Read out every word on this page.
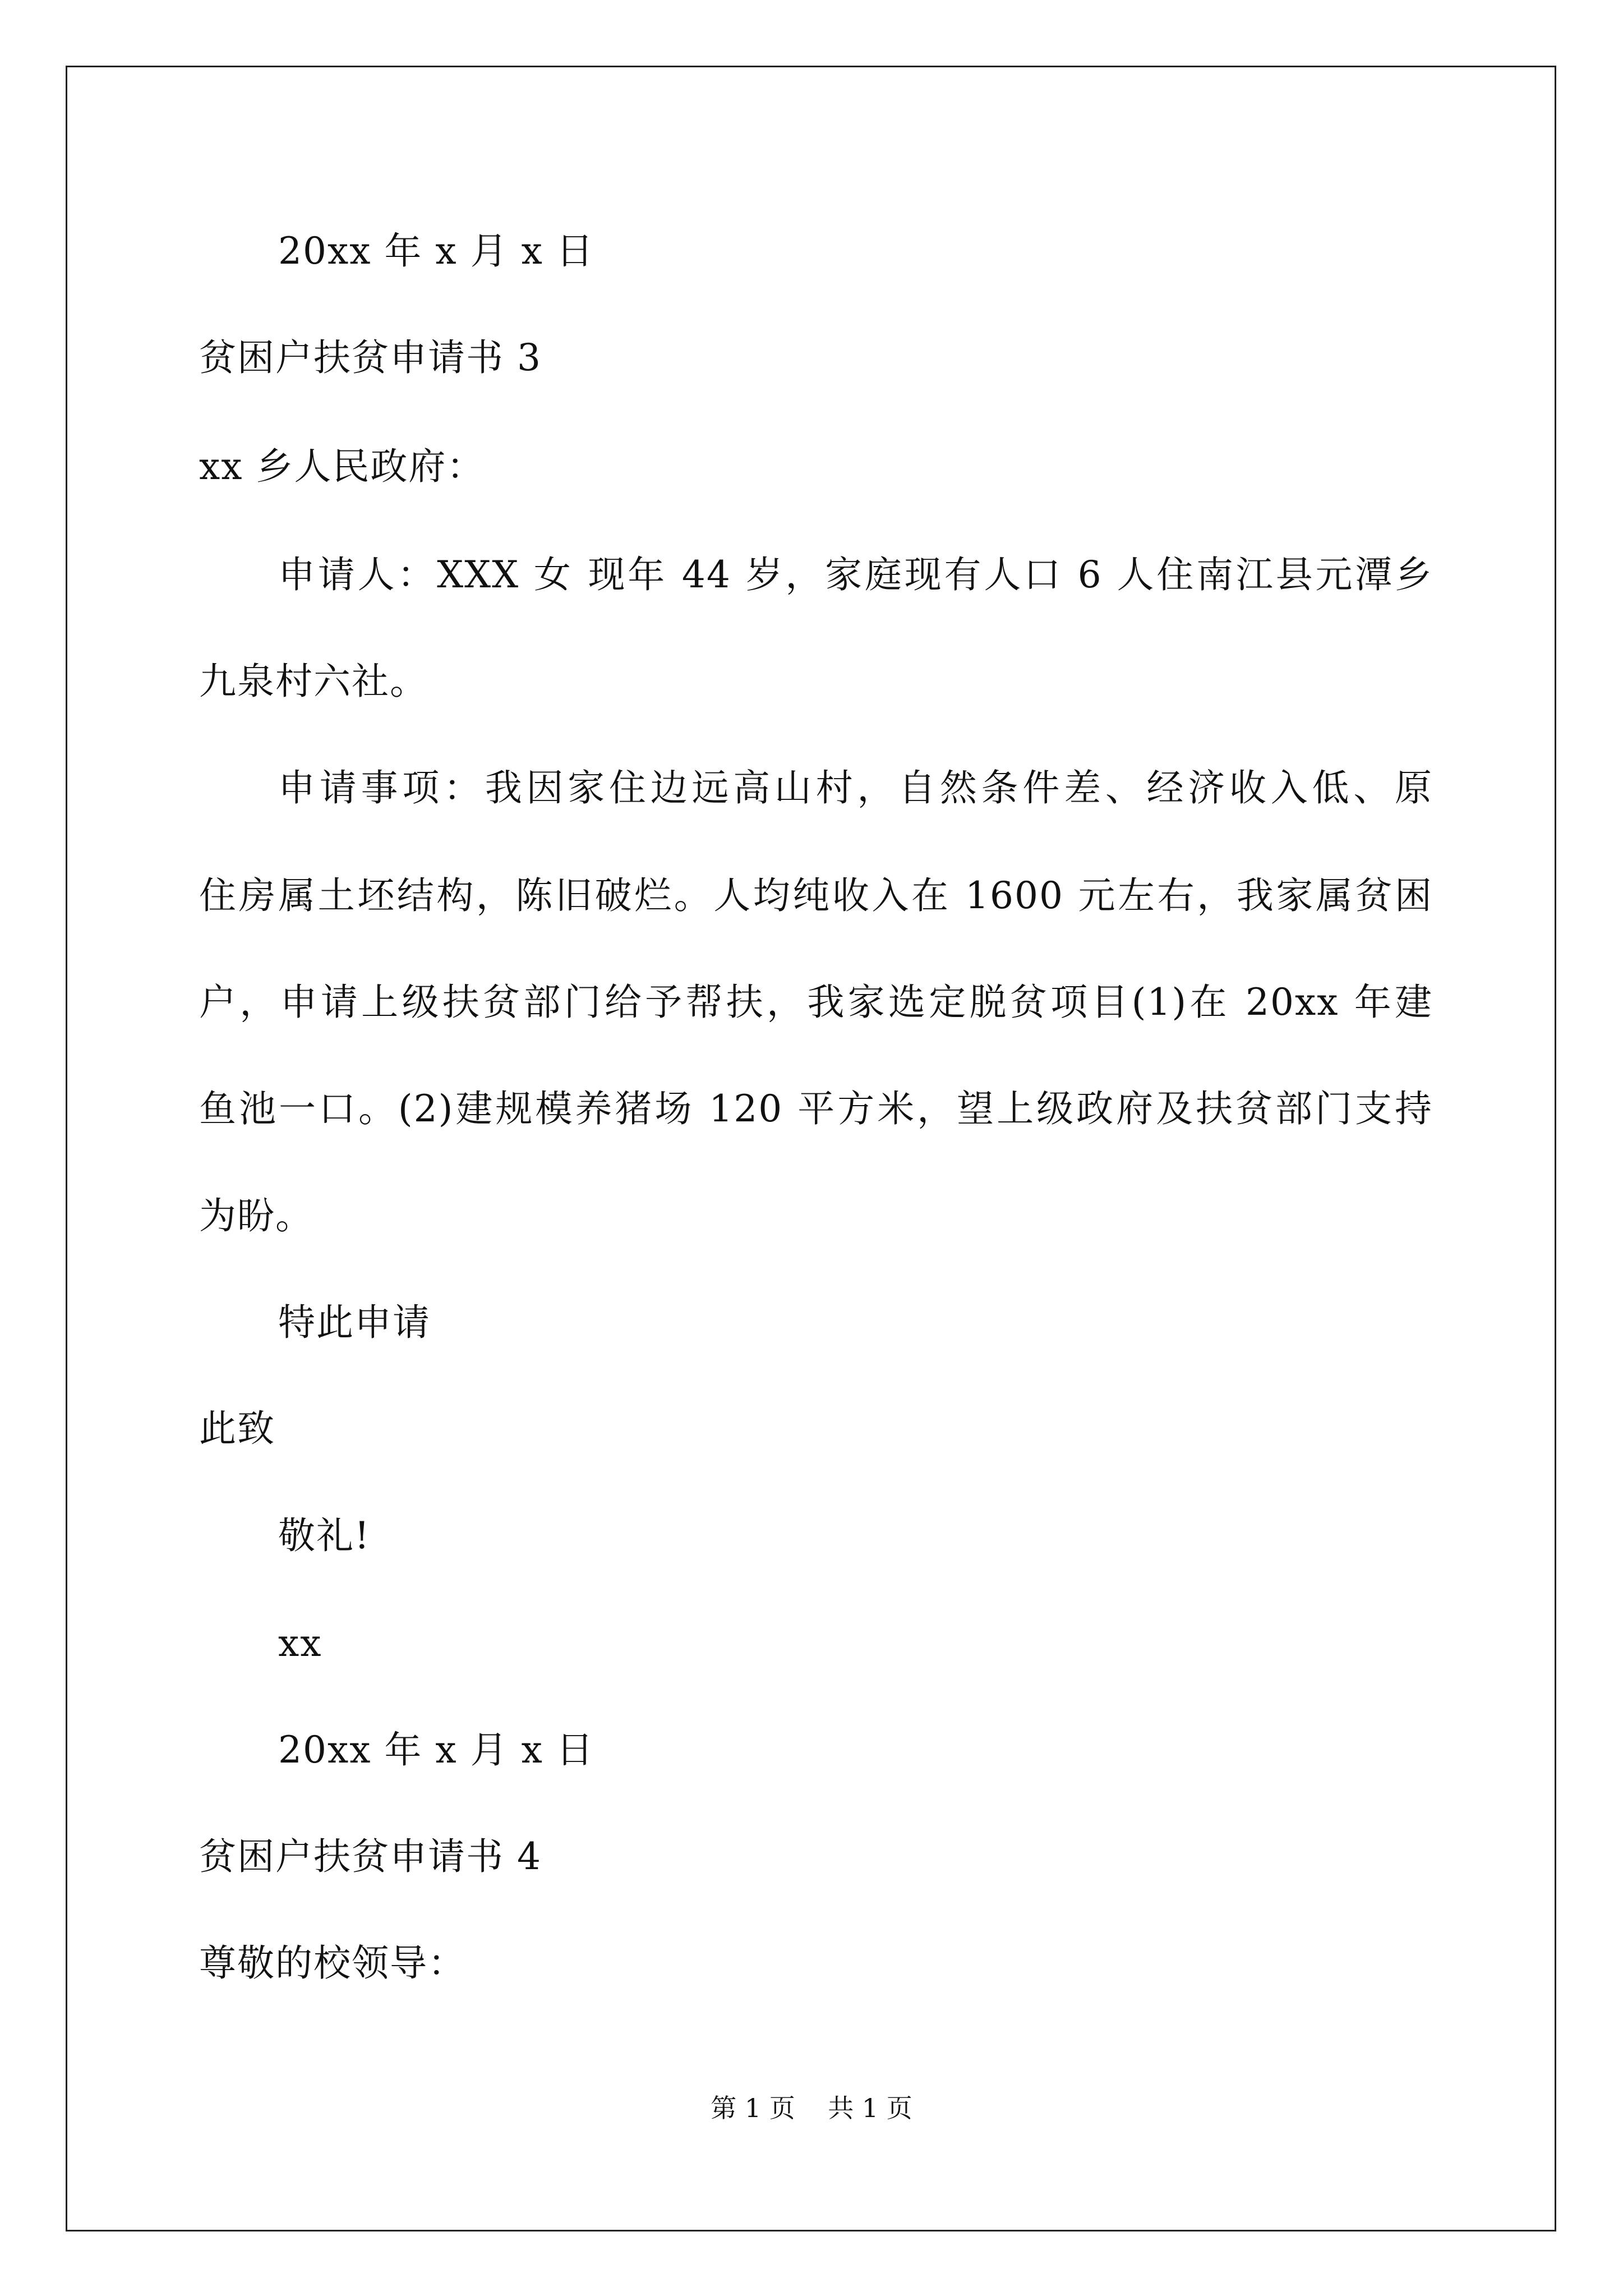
20xx 年 x 月 x 日
贫困户扶贫申请书 3
xx 乡人民政府：
申请人：XXX 女 现年 44 岁，家庭现有人口 6 人住南江县元潭乡
九泉村六社。
申请事项：我因家住边远高山村，自然条件差、经济收入低、原
住房属土坯结构，陈旧破烂。人均纯收入在 1600 元左右，我家属贫困
户，申请上级扶贫部门给予帮扶，我家选定脱贫项目(1)在 20xx 年建
鱼池一口。(2)建规模养猪场 120 平方米，望上级政府及扶贫部门支持
为盼。
特此申请
此致
敬礼!
xx
20xx 年 x 月 x 日
贫困户扶贫申请书 4
尊敬的校领导：
第 1 页    共 1 页
